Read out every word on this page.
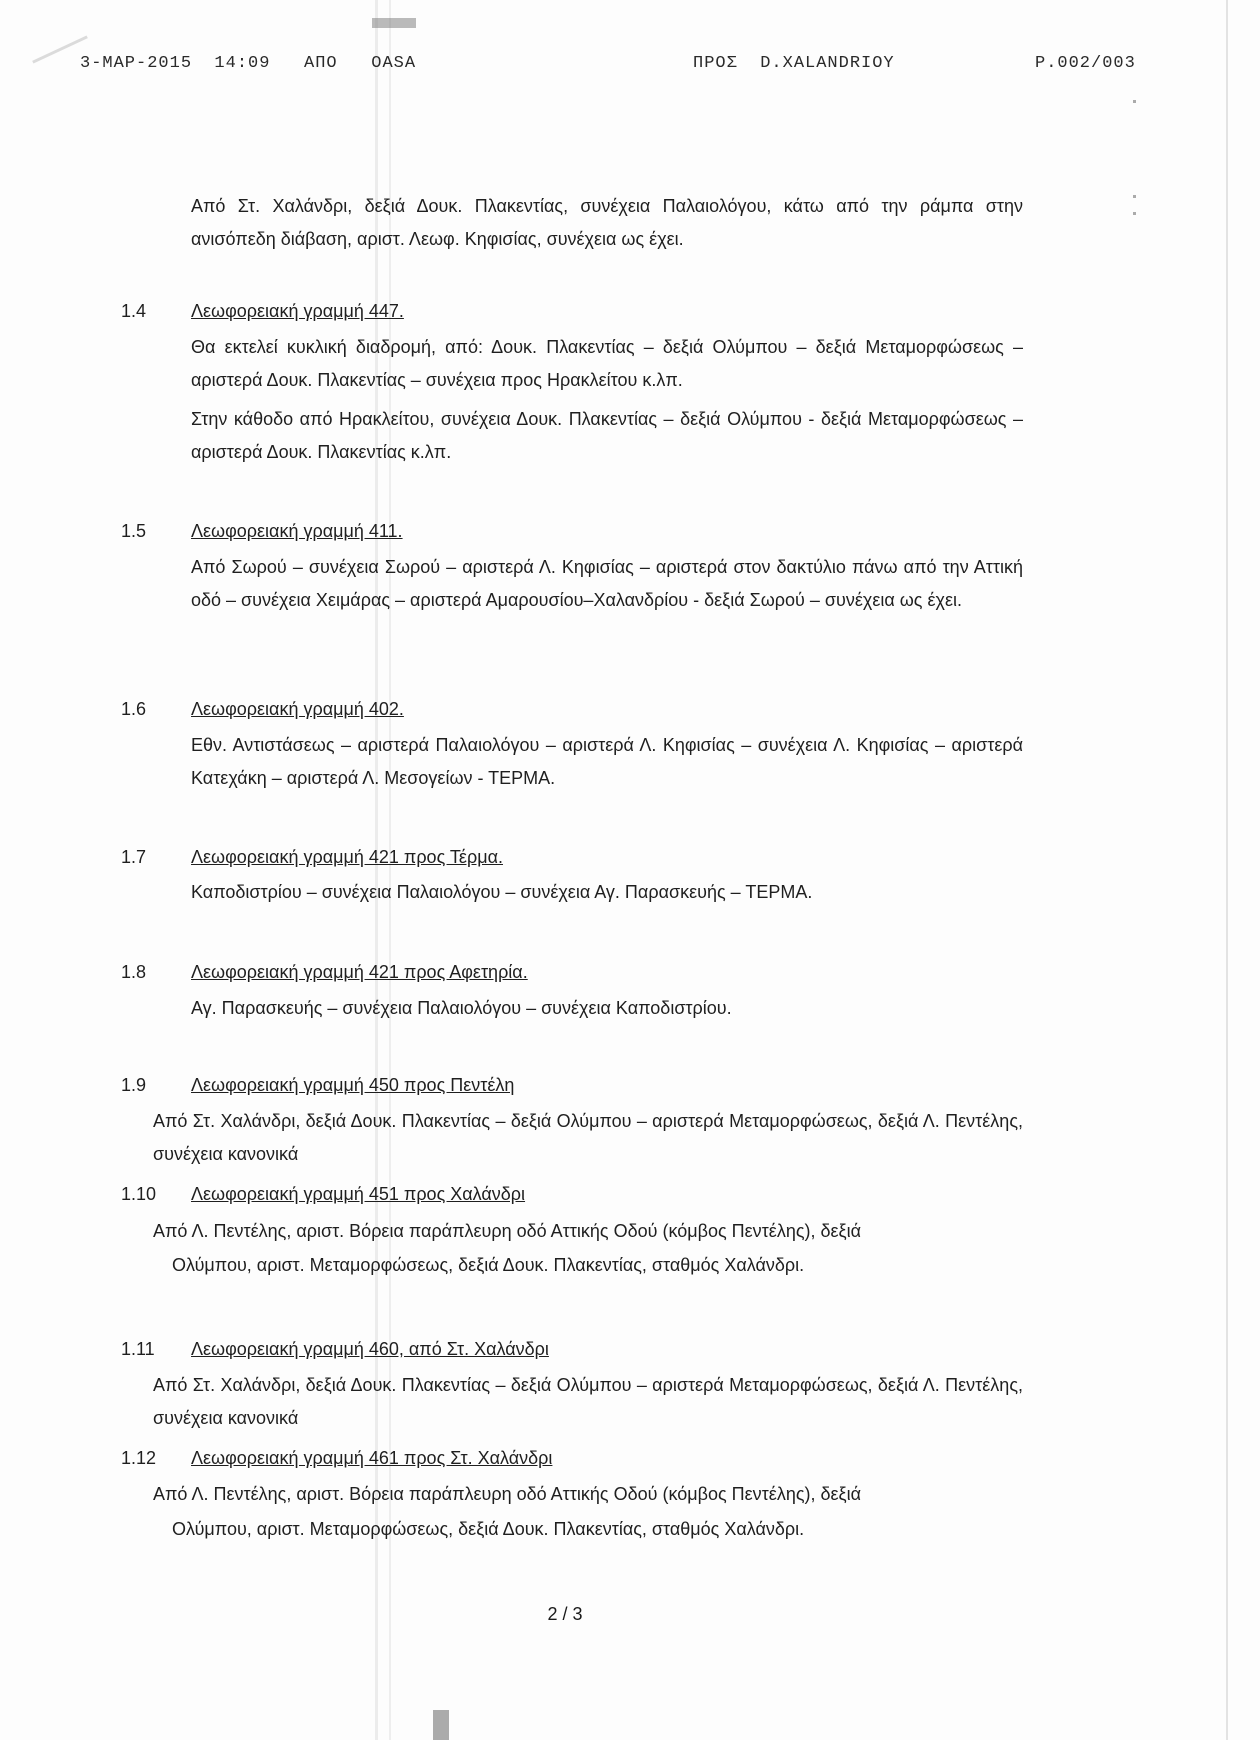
3-MAP-2015  14:09   AΠO   OASA	ΠPOΣ  D.XALANDRIOY	P.002/003
Από Στ. Χαλάνδρι, δεξιά Δουκ. Πλακεντίας, συνέχεια Παλαιολόγου, κάτω από την ράμπα στην ανισόπεδη διάβαση, αριστ. Λεωφ. Κηφισίας, συνέχεια ως έχει.
1.4 Λεωφορειακή γραμμή 447.
Θα εκτελεί κυκλική διαδρομή, από: Δουκ. Πλακεντίας – δεξιά Ολύμπου – δεξιά Μεταμορφώσεως – αριστερά Δουκ. Πλακεντίας – συνέχεια προς Ηρακλείτου κ.λπ.
Στην κάθοδο από Ηρακλείτου, συνέχεια Δουκ. Πλακεντίας – δεξιά Ολύμπου - δεξιά Μεταμορφώσεως – αριστερά Δουκ. Πλακεντίας κ.λπ.
1.5 Λεωφορειακή γραμμή 411.
Από Σωρού – συνέχεια Σωρού – αριστερά Λ. Κηφισίας – αριστερά στον δακτύλιο πάνω από την Αττική οδό – συνέχεια Χειμάρας – αριστερά Αμαρουσίου–Χαλανδρίου - δεξιά Σωρού – συνέχεια ως έχει.
1.6 Λεωφορειακή γραμμή 402.
Εθν. Αντιστάσεως – αριστερά Παλαιολόγου – αριστερά Λ. Κηφισίας – συνέχεια Λ. Κηφισίας – αριστερά Κατεχάκη – αριστερά Λ. Μεσογείων - ΤΕΡΜΑ.
1.7 Λεωφορειακή γραμμή 421 προς Τέρμα.
Καποδιστρίου – συνέχεια Παλαιολόγου – συνέχεια Αγ. Παρασκευής – ΤΕΡΜΑ.
1.8 Λεωφορειακή γραμμή 421 προς Αφετηρία.
Αγ. Παρασκευής – συνέχεια Παλαιολόγου – συνέχεια Καποδιστρίου.
1.9 Λεωφορειακή γραμμή 450 προς Πεντέλη
Από Στ. Χαλάνδρι, δεξιά Δουκ. Πλακεντίας – δεξιά Ολύμπου – αριστερά Μεταμορφώσεως, δεξιά Λ. Πεντέλης, συνέχεια κανονικά
1.10 Λεωφορειακή γραμμή 451 προς Χαλάνδρι
Από Λ. Πεντέλης, αριστ. Βόρεια παράπλευρη οδό Αττικής Οδού (κόμβος Πεντέλης), δεξιά
Ολύμπου, αριστ. Μεταμορφώσεως, δεξιά Δουκ. Πλακεντίας, σταθμός Χαλάνδρι.
1.11 Λεωφορειακή γραμμή 460, από Στ. Χαλάνδρι
Από Στ. Χαλάνδρι, δεξιά Δουκ. Πλακεντίας – δεξιά Ολύμπου – αριστερά Μεταμορφώσεως, δεξιά Λ. Πεντέλης, συνέχεια κανονικά
1.12 Λεωφορειακή γραμμή 461 προς Στ. Χαλάνδρι
Από Λ. Πεντέλης, αριστ. Βόρεια παράπλευρη οδό Αττικής Οδού (κόμβος Πεντέλης), δεξιά
Ολύμπου, αριστ. Μεταμορφώσεως, δεξιά Δουκ. Πλακεντίας, σταθμός Χαλάνδρι.
2 / 3
